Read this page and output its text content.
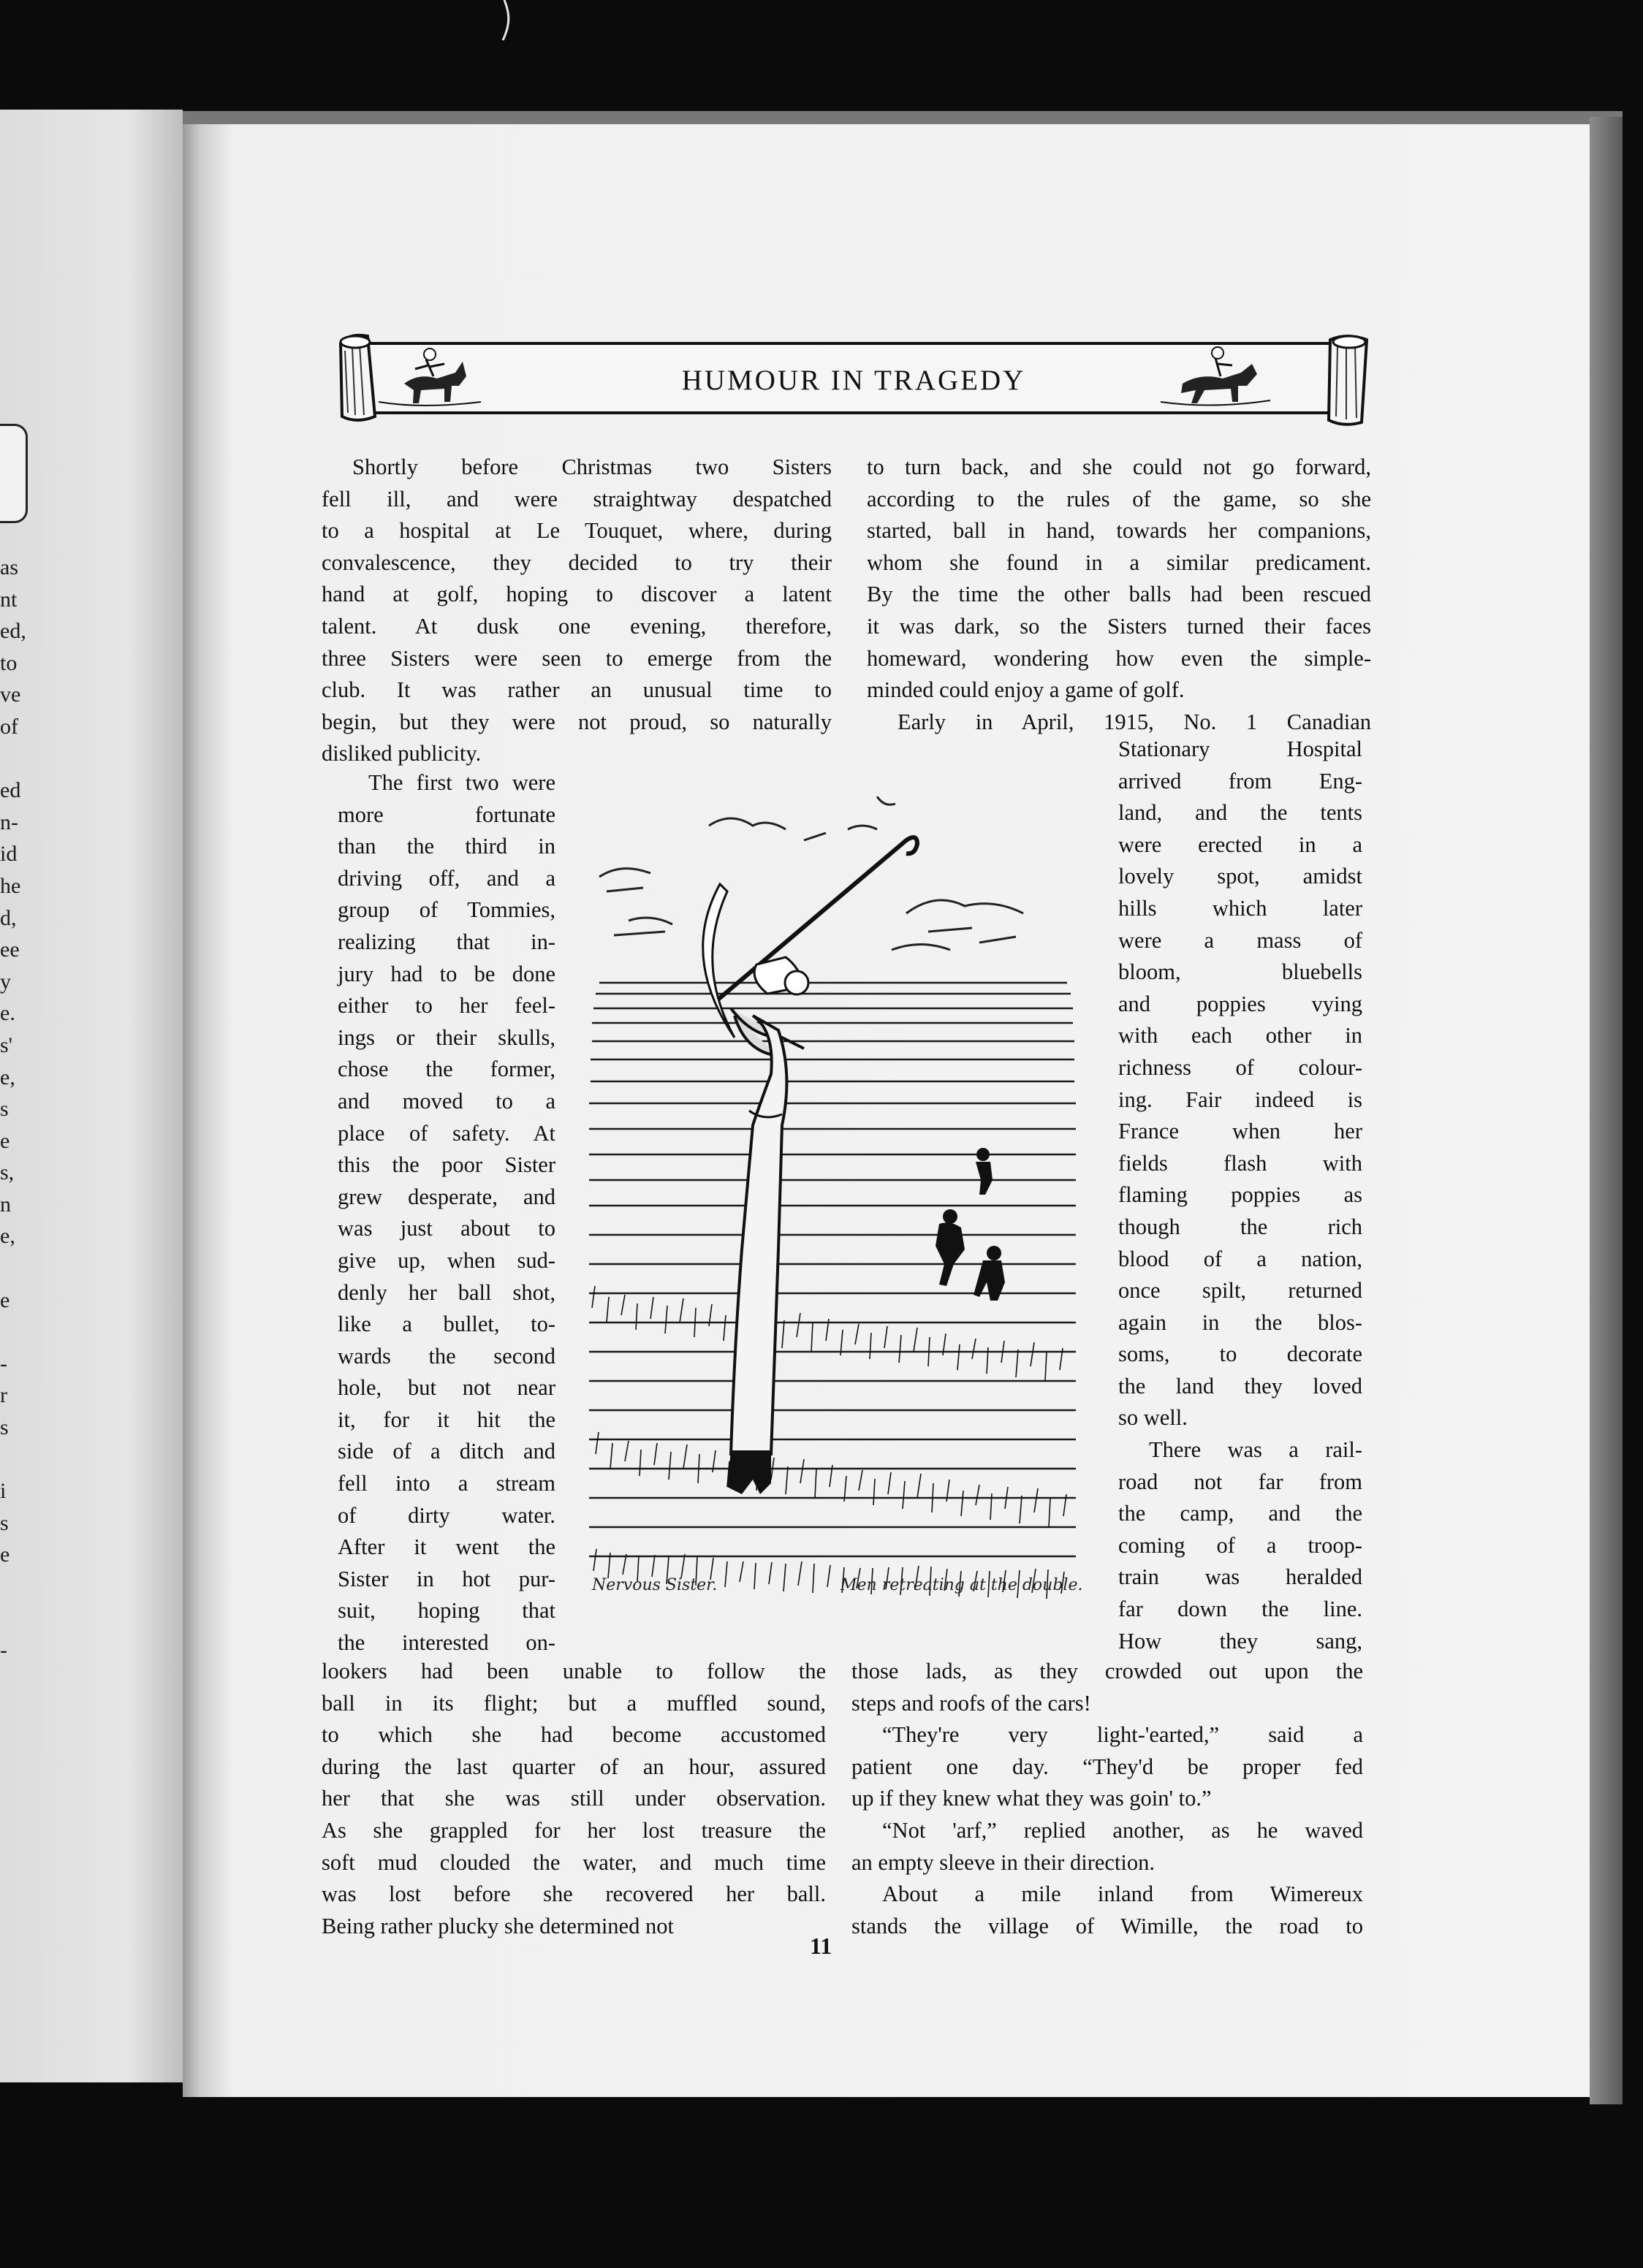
as
nt
ed,
to
ve
of

ed
n-
id
he
d,
ee
y
e.
s'
e,
s
e
s,
n
e,

e

-
r
s

i
s
e

-
HUMOUR IN TRAGEDY
Shortly before Christmas two Sisters
fell ill, and were straightway despatched
to a hospital at Le Touquet, where, during
convalescence, they decided to try their
hand at golf, hoping to discover a latent
talent. At dusk one evening, therefore,
three Sisters were seen to emerge from the
club. It was rather an unusual time to
begin, but they were not proud, so naturally
disliked publicity.
The first two were
more fortunate
than the third in
driving off, and a
group of Tommies,
realizing that in-
jury had to be done
either to her feel-
ings or their skulls,
chose the former,
and moved to a
place of safety. At
this the poor Sister
grew desperate, and
was just about to
give up, when sud-
denly her ball shot,
like a bullet, to-
wards the second
hole, but not near
it, for it hit the
side of a ditch and
fell into a stream
of dirty water.
After it went the
Sister in hot pur-
suit, hoping that
the interested on-
lookers had been unable to follow the
ball in its flight; but a muffled sound,
to which she had become accustomed
during the last quarter of an hour, assured
her that she was still under observation.
As she grappled for her lost treasure the
soft mud clouded the water, and much time
was lost before she recovered her ball.
Being rather plucky she determined not
to turn back, and she could not go forward,
according to the rules of the game, so she
started, ball in hand, towards her companions,
whom she found in a similar predicament.
By the time the other balls had been rescued
it was dark, so the Sisters turned their faces
homeward, wondering how even the simple-
minded could enjoy a game of golf.
Early in April, 1915, No. 1 Canadian
Stationary Hospital
arrived from Eng-
land, and the tents
were erected in a
lovely spot, amidst
hills which later
were a mass of
bloom, bluebells
and poppies vying
with each other in
richness of colour-
ing. Fair indeed is
France when her
fields flash with
flaming poppies as
though the rich
blood of a nation,
once spilt, returned
again in the blos-
soms, to decorate
the land they loved
so well.
There was a rail-
road not far from
the camp, and the
coming of a troop-
train was heralded
far down the line.
How they sang,
those lads, as they crowded out upon the
steps and roofs of the cars!
“They're very light-'earted,” said a
patient one day. “They'd be proper fed
up if they knew what they was goin' to.”
“Not 'arf,” replied another, as he waved
an empty sleeve in their direction.
About a mile inland from Wimereux
stands the village of Wimille, the road to
Nervous Sister.	Men retreating at the double.
11
